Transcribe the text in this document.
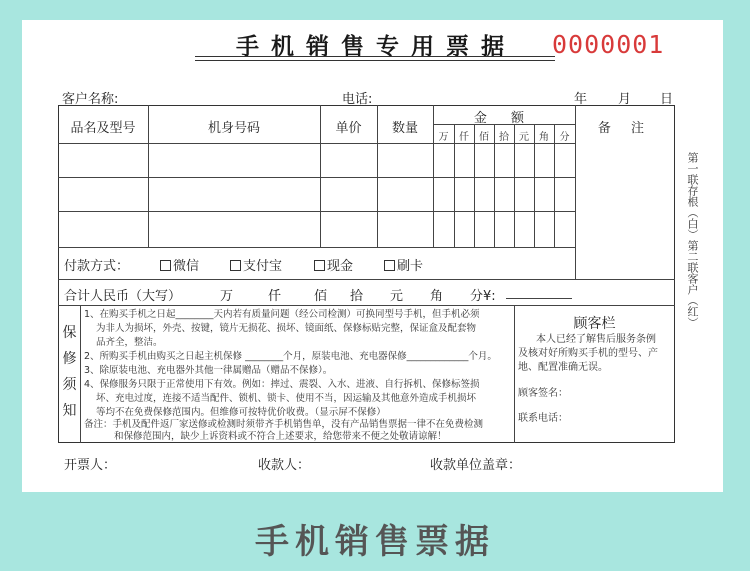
手机销售专用票据	0000001
客户名称:	电话:	年 月 日
品名及型号	机身号码	单价	数量
金 额
万	仟	佰	拾	元	角	分
备 注
付款方式：	微信	支付宝	现金	刷卡
合计人民币（大写）	万	仟	佰 拾 元 角 分¥:
保修须知
1、在购买手机之日起________天内若有质量问题（经公司检测）可换同型号手机，但手机必须
为非人为损坏，外壳、按键，镜片无损花、损坏、镜面纸、保修标贴完整，保证盒及配套物
品齐全，整洁。
2、所购买手机由购买之日起主机保修 ________个月，原装电池、充电器保修_____________个月。
3、除原装电池、充电器外其他一律属赠品（赠品不保修）。
4、保修服务只限于正常使用下有效。例如：摔过、震裂、入水、进液、自行拆机、保修标签损
坏、充电过度，连接不适当配件、锁机、锁卡、使用不当，因运输及其他意外造成手机损坏
等均不在免费保修范围内。但维修可按特优价收费。（显示屏不保修）
备注：手机及配件返厂家送修或检测时须带齐手机销售单，没有产品销售票据一律不在免费检测
和保修范围内，缺少上诉资料或不符合上述要求，给您带来不便之处敬请谅解！
顾客栏
本人已经了解售后服务条例
及核对好所购买手机的型号、产
地、配置准确无误。
顾客签名：
联系电话：
第一联存根（白）第二联客户（红）
开票人：	收款人：	收款单位盖章：
手机销售票据
